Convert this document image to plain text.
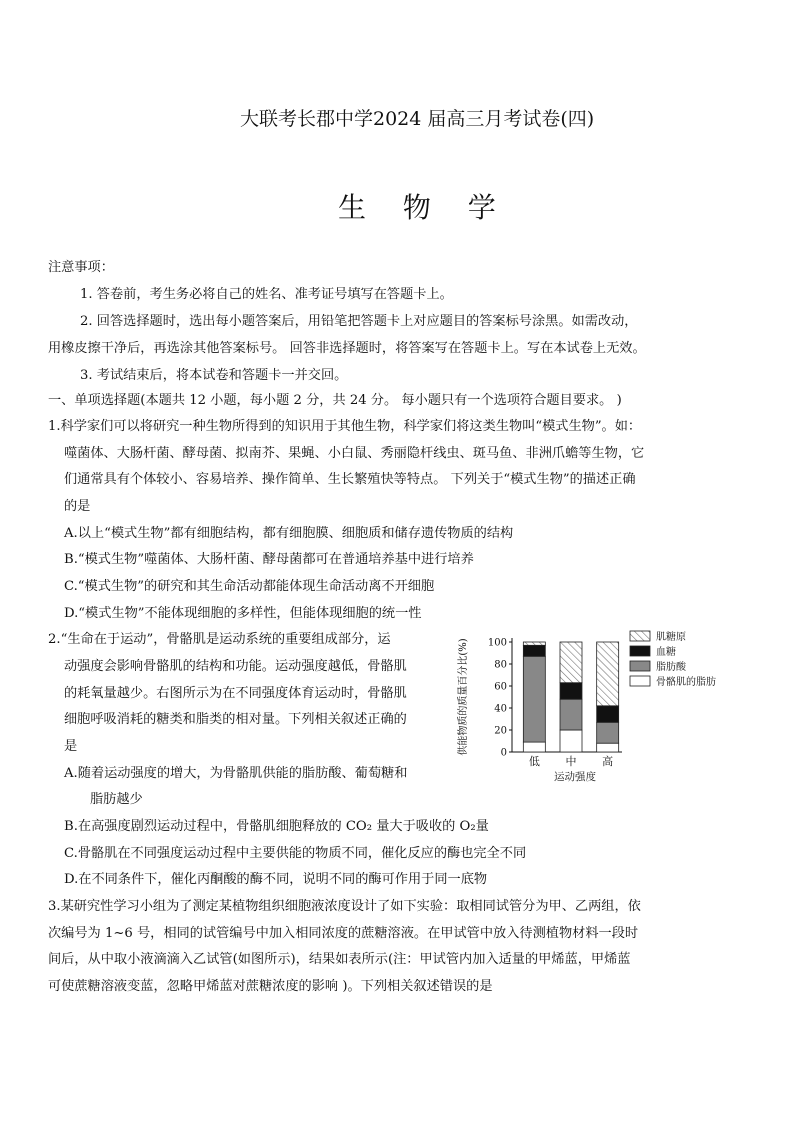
大联考长郡中学2024 届高三月考试卷(四)
生 物 学
注意事项：
1. 答卷前，考生务必将自己的姓名、准考证号填写在答题卡上。
2. 回答选择题时，选出每小题答案后，用铅笔把答题卡上对应题目的答案标号涂黑。如需改动，
用橡皮擦干净后，再选涂其他答案标号。 回答非选择题时，将答案写在答题卡上。写在本试卷上无效。
3. 考试结束后，将本试卷和答题卡一并交回。
一、单项选择题(本题共 12 小题，每小题 2 分，共 24 分。 每小题只有一个选项符合题目要求。 )
1.科学家们可以将研究一种生物所得到的知识用于其他生物，科学家们将这类生物叫“模式生物”。如：
噬菌体、大肠杆菌、酵母菌、拟南芥、果蝇、小白鼠、秀丽隐杆线虫、斑马鱼、非洲爪蟾等生物，它
们通常具有个体较小、容易培养、操作简单、生长繁殖快等特点。 下列关于“模式生物”的描述正确
的是
A.以上“模式生物”都有细胞结构，都有细胞膜、细胞质和储存遗传物质的结构
B.“模式生物”噬菌体、大肠杆菌、酵母菌都可在普通培养基中进行培养
C.“模式生物”的研究和其生命活动都能体现生命活动离不开细胞
D.“模式生物”不能体现细胞的多样性，但能体现细胞的统一性
2.“生命在于运动”，骨骼肌是运动系统的重要组成部分，运
动强度会影响骨骼肌的结构和功能。运动强度越低，骨骼肌
的耗氧量越少。右图所示为在不同强度体育运动时，骨骼肌
细胞呼吸消耗的糖类和脂类的相对量。下列相关叙述正确的
是
A.随着运动强度的增大，为骨骼肌供能的脂肪酸、葡萄糖和
脂肪越少
B.在高强度剧烈运动过程中，骨骼肌细胞释放的 CO₂ 量大于吸收的 O₂量
C.骨骼肌在不同强度运动过程中主要供能的物质不同，催化反应的酶也完全不同
D.在不同条件下，催化丙酮酸的酶不同，说明不同的酶可作用于同一底物
3.某研究性学习小组为了测定某植物组织细胞液浓度设计了如下实验：取相同试管分为甲、乙两组，依
次编号为 1~6 号，相同的试管编号中加入相同浓度的蔗糖溶液。在甲试管中放入待测植物材料一段时
间后，从中取小液滴滴入乙试管(如图所示)，结果如表所示(注：甲试管内加入适量的甲烯蓝，甲烯蓝
可使蔗糖溶液变蓝，忽略甲烯蓝对蔗糖浓度的影响 )。下列相关叙述错误的是
0
20
40
60
80
100
供能物质的质量百分比(%)
运动强度
低 中 高
肌糖原
血糖
脂肪酸
骨骼肌的脂肪
